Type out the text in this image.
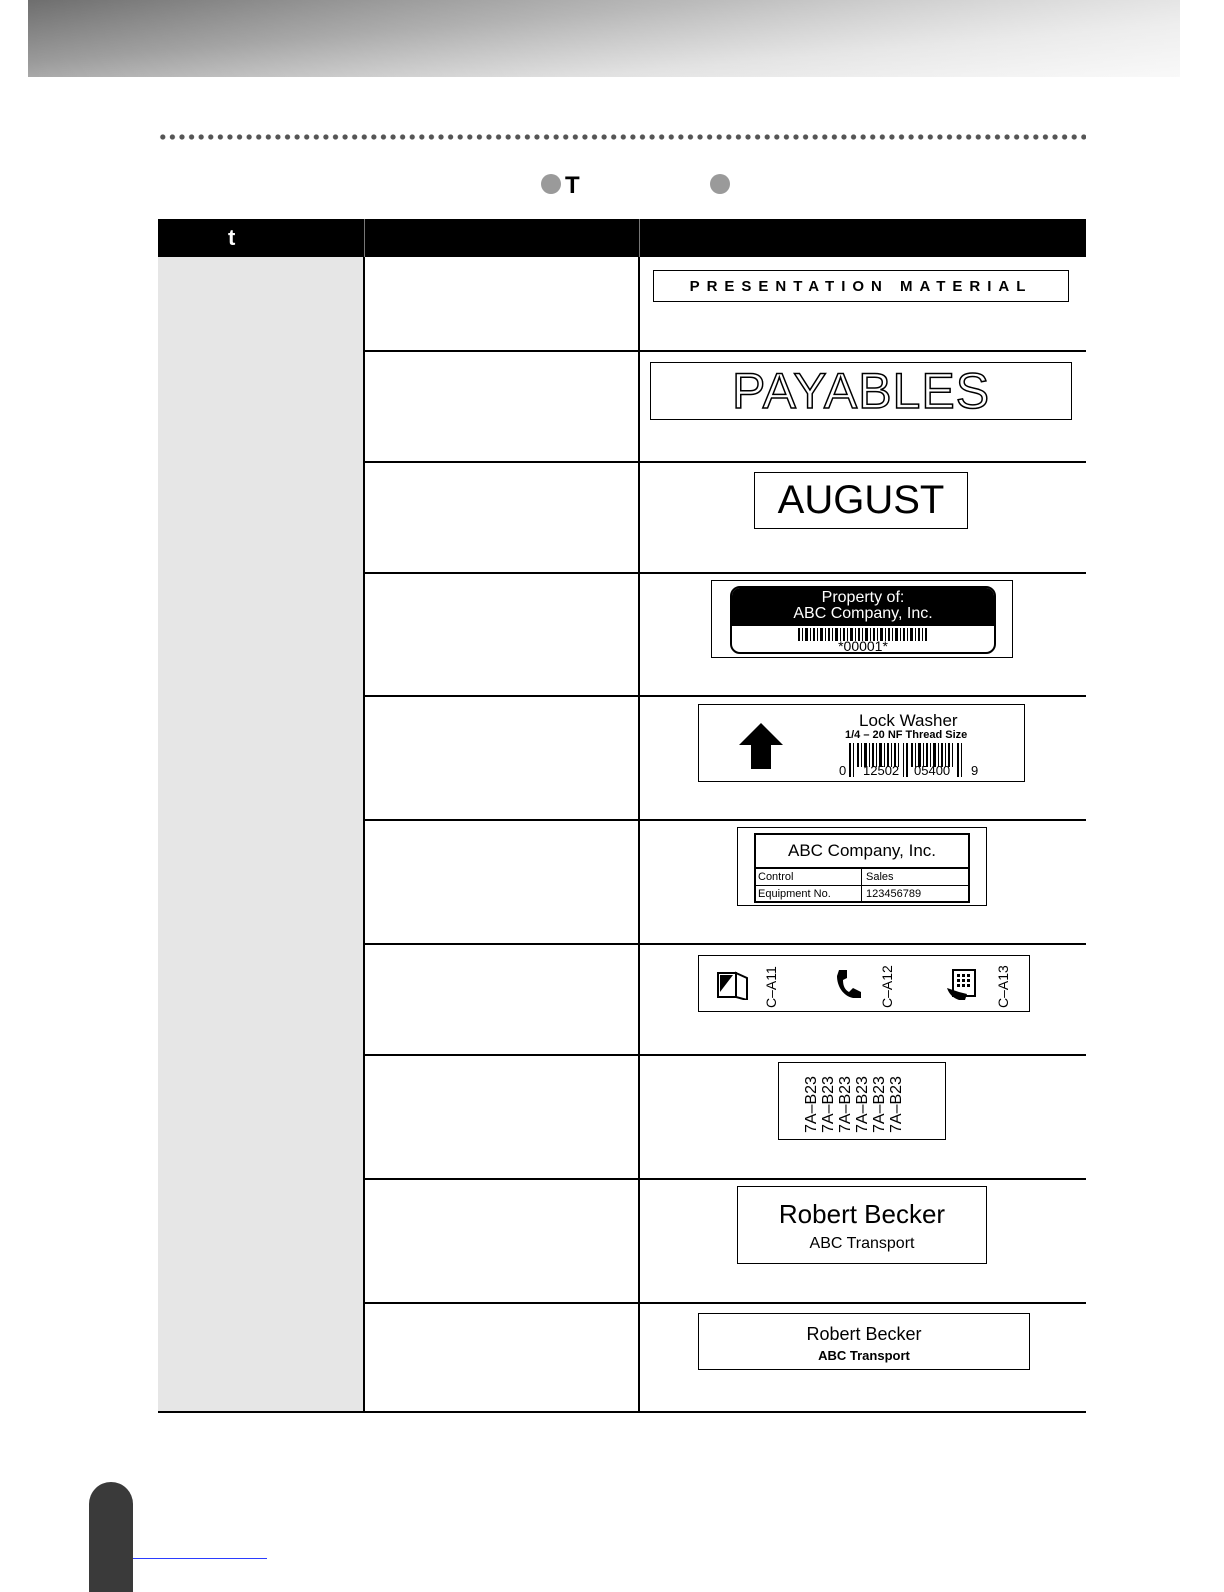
T
t
PRESENTATION MATERIAL
PAYABLES
AUGUST
Property of:
ABC Company, Inc.
*00001*
Lock Washer
1/4 – 20 NF Thread Size
0 12502 05400 9
ABC Company, Inc.
Control	Sales
Equipment No.	123456789
C–A11	C–A12	C–A13
7A–B23 7A–B23 7A–B23 7A–B23 7A–B23 7A–B23
Robert Becker
ABC Transport
Robert Becker
ABC Transport
